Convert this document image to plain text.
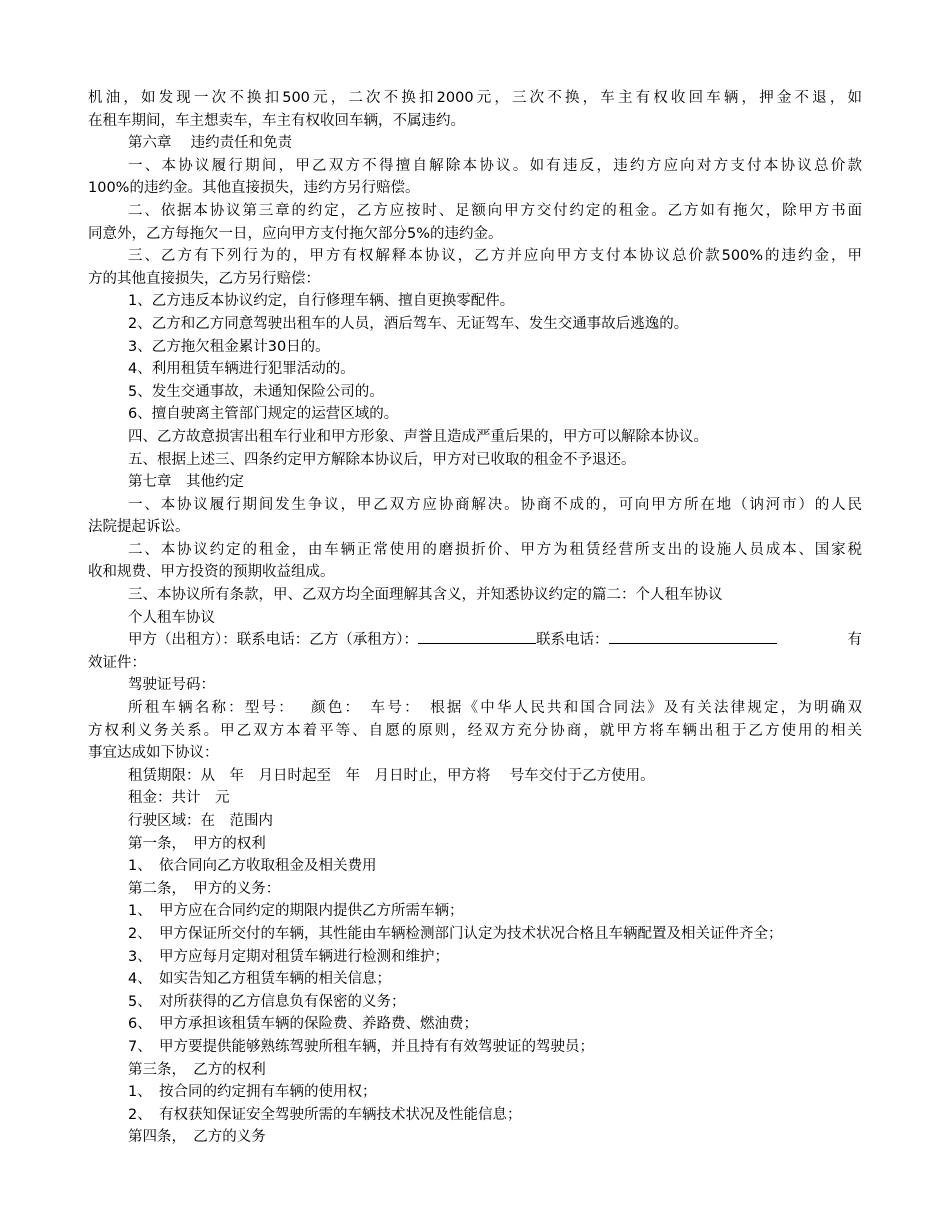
机油，如发现一次不换扣500元，二次不换扣2000元，三次不换，车主有权收回车辆，押金不退，如
在租车期间，车主想卖车，车主有权收回车辆，不属违约。
第六章　 违约责任和免责
一、本协议履行期间，甲乙双方不得擅自解除本协议。如有违反，违约方应向对方支付本协议总价款
100%的违约金。其他直接损失，违约方另行赔偿。
二、依据本协议第三章的约定，乙方应按时、足额向甲方交付约定的租金。乙方如有拖欠，除甲方书面
同意外，乙方每拖欠一日，应向甲方支付拖欠部分5%的违约金。
三、乙方有下列行为的，甲方有权解释本协议，乙方并应向甲方支付本协议总价款500%的违约金，甲
方的其他直接损失，乙方另行赔偿：
1、乙方违反本协议约定，自行修理车辆、擅自更换零配件。
2、乙方和乙方同意驾驶出租车的人员，酒后驾车、无证驾车、发生交通事故后逃逸的。
3、乙方拖欠租金累计30日的。
4、利用租赁车辆进行犯罪活动的。
5、发生交通事故，未通知保险公司的。
6、擅自驶离主管部门规定的运营区域的。
四、乙方故意损害出租车行业和甲方形象、声誉且造成严重后果的，甲方可以解除本协议。
五、根据上述三、四条约定甲方解除本协议后，甲方对已收取的租金不予退还。
第七章　其他约定
一、本协议履行期间发生争议，甲乙双方应协商解决。协商不成的，可向甲方所在地（讷河市）的人民
法院提起诉讼。
二、本协议约定的租金，由车辆正常使用的磨损折价、甲方为租赁经营所支出的设施人员成本、国家税
收和规费、甲方投资的预期收益组成。
三、本协议所有条款，甲、乙双方均全面理解其含义，并知悉协议约定的篇二：个人租车协议
个人租车协议
甲方（出租方）：联系电话：乙方（承租方）：	联系电话：	有
效证件：
驾驶证号码：
所租车辆名称：型号：　 颜色：　车号：　根据《中华人民共和国合同法》及有关法律规定，为明确双
方权利义务关系。甲乙双方本着平等、自愿的原则，经双方充分协商，就甲方将车辆出租于乙方使用的相关
事宜达成如下协议：
租赁期限：从　年　月日时起至　年　月日时止，甲方将　 号车交付于乙方使用。
租金：共计　元
行驶区域：在　范围内
第一条，　甲方的权利
1、　依合同向乙方收取租金及相关费用
第二条，　甲方的义务：
1、　甲方应在合同约定的期限内提供乙方所需车辆；
2、　甲方保证所交付的车辆，其性能由车辆检测部门认定为技术状况合格且车辆配置及相关证件齐全；
3、　甲方应每月定期对租赁车辆进行检测和维护；
4、　如实告知乙方租赁车辆的相关信息；
5、　对所获得的乙方信息负有保密的义务；
6、　甲方承担该租赁车辆的保险费、养路费、燃油费；
7、　甲方要提供能够熟练驾驶所租车辆，并且持有有效驾驶证的驾驶员；
第三条，　乙方的权利
1、　按合同的约定拥有车辆的使用权；
2、　有权获知保证安全驾驶所需的车辆技术状况及性能信息；
第四条，　乙方的义务
